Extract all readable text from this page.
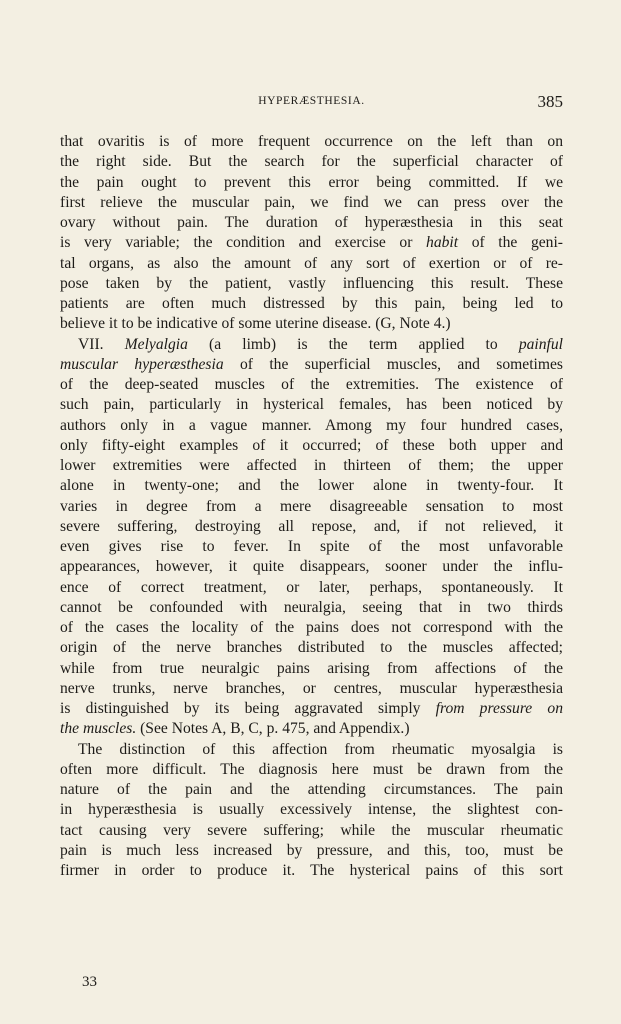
HYPERÆSTHESIA.	385
that ovaritis is of more frequent occurrence on the left than on
the right side. But the search for the superficial character of
the pain ought to prevent this error being committed. If we
first relieve the muscular pain, we find we can press over the
ovary without pain. The duration of hyperæsthesia in this seat
is very variable; the condition and exercise or habit of the geni-
tal organs, as also the amount of any sort of exertion or of re-
pose taken by the patient, vastly influencing this result. These
patients are often much distressed by this pain, being led to
believe it to be indicative of some uterine disease. (G, Note 4.)
VII. Melyalgia (a limb) is the term applied to painful
muscular hyperæsthesia of the superficial muscles, and sometimes
of the deep-seated muscles of the extremities. The existence of
such pain, particularly in hysterical females, has been noticed by
authors only in a vague manner. Among my four hundred cases,
only fifty-eight examples of it occurred; of these both upper and
lower extremities were affected in thirteen of them; the upper
alone in twenty-one; and the lower alone in twenty-four. It
varies in degree from a mere disagreeable sensation to most
severe suffering, destroying all repose, and, if not relieved, it
even gives rise to fever. In spite of the most unfavorable
appearances, however, it quite disappears, sooner under the influ-
ence of correct treatment, or later, perhaps, spontaneously. It
cannot be confounded with neuralgia, seeing that in two thirds
of the cases the locality of the pains does not correspond with the
origin of the nerve branches distributed to the muscles affected;
while from true neuralgic pains arising from affections of the
nerve trunks, nerve branches, or centres, muscular hyperæsthesia
is distinguished by its being aggravated simply from pressure on
the muscles. (See Notes A, B, C, p. 475, and Appendix.)
The distinction of this affection from rheumatic myosalgia is
often more difficult. The diagnosis here must be drawn from the
nature of the pain and the attending circumstances. The pain
in hyperæsthesia is usually excessively intense, the slightest con-
tact causing very severe suffering; while the muscular rheumatic
pain is much less increased by pressure, and this, too, must be
firmer in order to produce it. The hysterical pains of this sort
33
